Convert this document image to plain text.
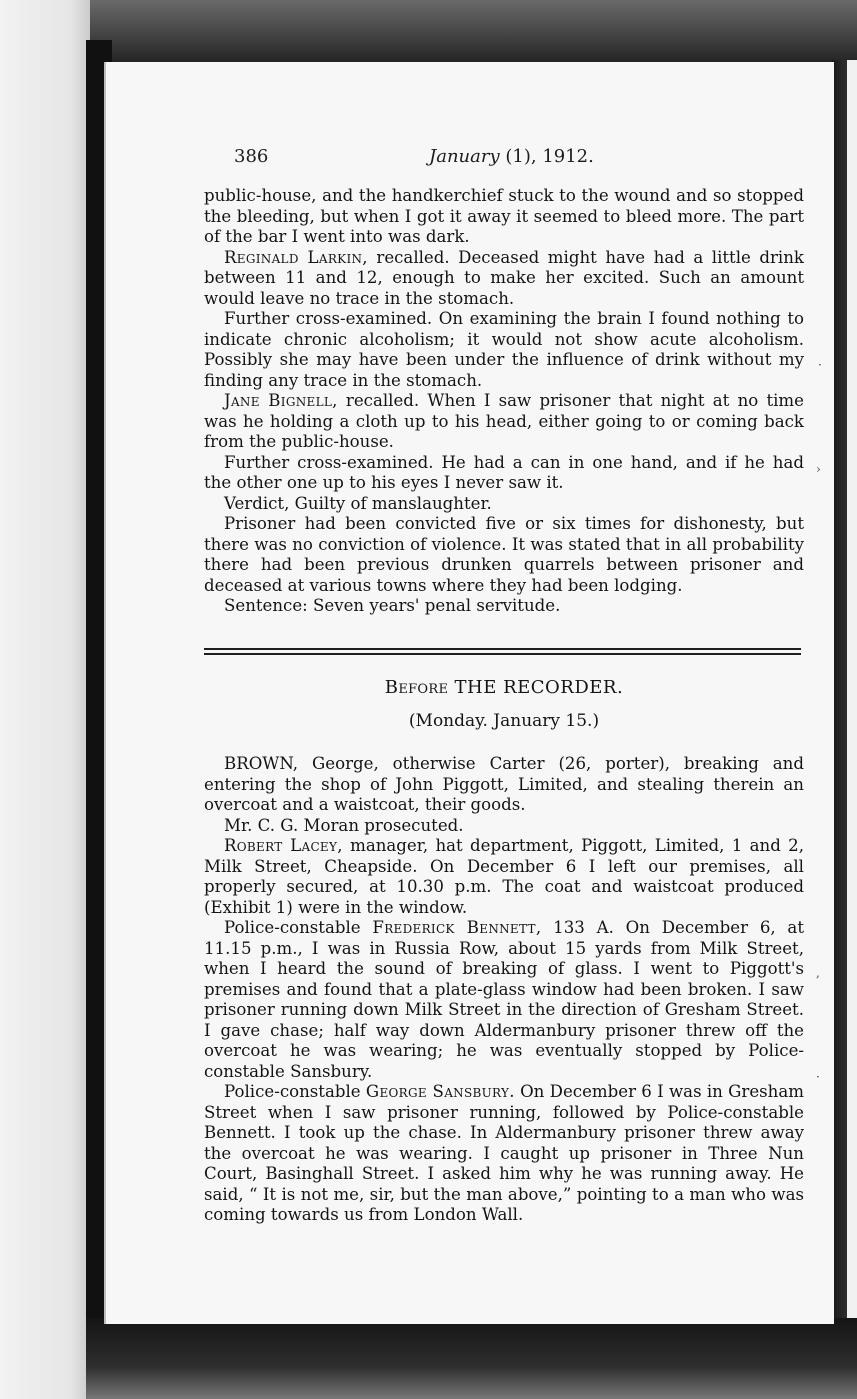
386	January (1), 1912.

public-house, and the handkerchief stuck to the wound and so stopped the bleeding, but when I got it away it seemed to bleed more. The part of the bar I went into was dark.

Reginald Larkin, recalled. Deceased might have had a little drink between 11 and 12, enough to make her excited. Such an amount would leave no trace in the stomach.

Further cross-examined. On examining the brain I found nothing to indicate chronic alcoholism; it would not show acute alcoholism. Possibly she may have been under the influence of drink without my finding any trace in the stomach.

Jane Bignell, recalled. When I saw prisoner that night at no time was he holding a cloth up to his head, either going to or coming back from the public-house.

Further cross-examined. He had a can in one hand, and if he had the other one up to his eyes I never saw it.

Verdict, Guilty of manslaughter.

Prisoner had been convicted five or six times for dishonesty, but there was no conviction of violence. It was stated that in all probability there had been previous drunken quarrels between prisoner and deceased at various towns where they had been lodging.

Sentence: Seven years' penal servitude.

Before THE RECORDER.
(Monday. January 15.)

BROWN, George, otherwise Carter (26, porter), breaking and entering the shop of John Piggott, Limited, and stealing therein an overcoat and a waistcoat, their goods.

Mr. C. G. Moran prosecuted.

Robert Lacey, manager, hat department, Piggott, Limited, 1 and 2, Milk Street, Cheapside. On December 6 I left our premises, all properly secured, at 10.30 p.m. The coat and waistcoat produced (Exhibit 1) were in the window.

Police-constable Frederick Bennett, 133 A. On December 6, at 11.15 p.m., I was in Russia Row, about 15 yards from Milk Street, when I heard the sound of breaking of glass. I went to Piggott's premises and found that a plate-glass window had been broken. I saw prisoner running down Milk Street in the direction of Gresham Street. I gave chase; half way down Aldermanbury prisoner threw off the overcoat he was wearing; he was eventually stopped by Police-constable Sansbury.

Police-constable George Sansbury. On December 6 I was in Gresham Street when I saw prisoner running, followed by Police-constable Bennett. I took up the chase. In Aldermanbury prisoner threw away the overcoat he was wearing. I caught up prisoner in Three Nun Court, Basinghall Street. I asked him why he was running away. He said, “ It is not me, sir, but the man above,” pointing to a man who was coming towards us from London Wall.

·
›
,
·
